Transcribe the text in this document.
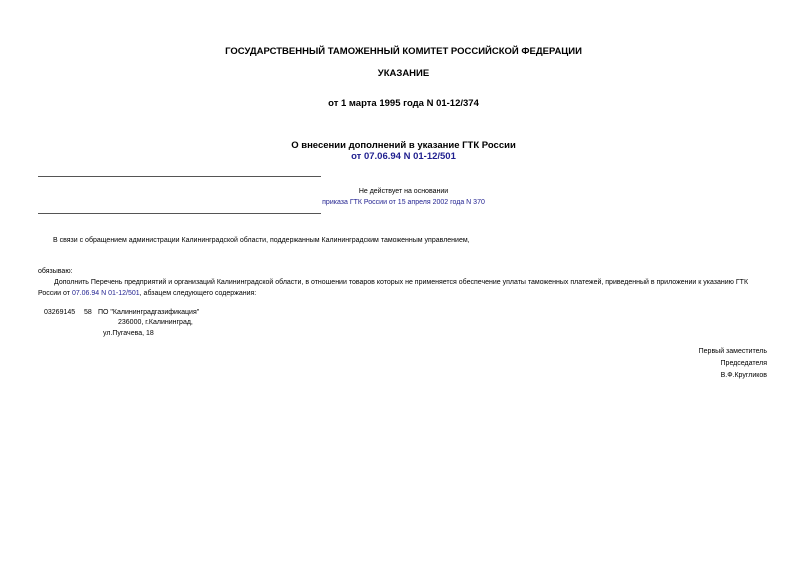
ГОСУДАРСТВЕННЫЙ ТАМОЖЕННЫЙ КОМИТЕТ РОССИЙСКОЙ ФЕДЕРАЦИИ
УКАЗАНИЕ
от 1 марта 1995 года N 01-12/374
О внесении дополнений в указание ГТК России
от 07.06.94 N 01-12/501
Не действует на основании
приказа ГТК России от 15 апреля 2002 года N 370
В связи с обращением администрации Калининградской области, поддержанным Калининградским таможенным управлением,
обязываю:
Дополнить Перечень предприятий и организаций Калининградской области, в отношении товаров которых не применяется обеспечение уплаты таможенных платежей, приведенный в приложении к указанию ГТК России от 07.06.94 N 01-12/501, абзацем следующего содержания:
03269145 58 ПО "Калининградгазификация"
236000, г.Калининград,
ул.Пугачева, 18
Первый заместитель
Председателя
В.Ф.Кругликов
